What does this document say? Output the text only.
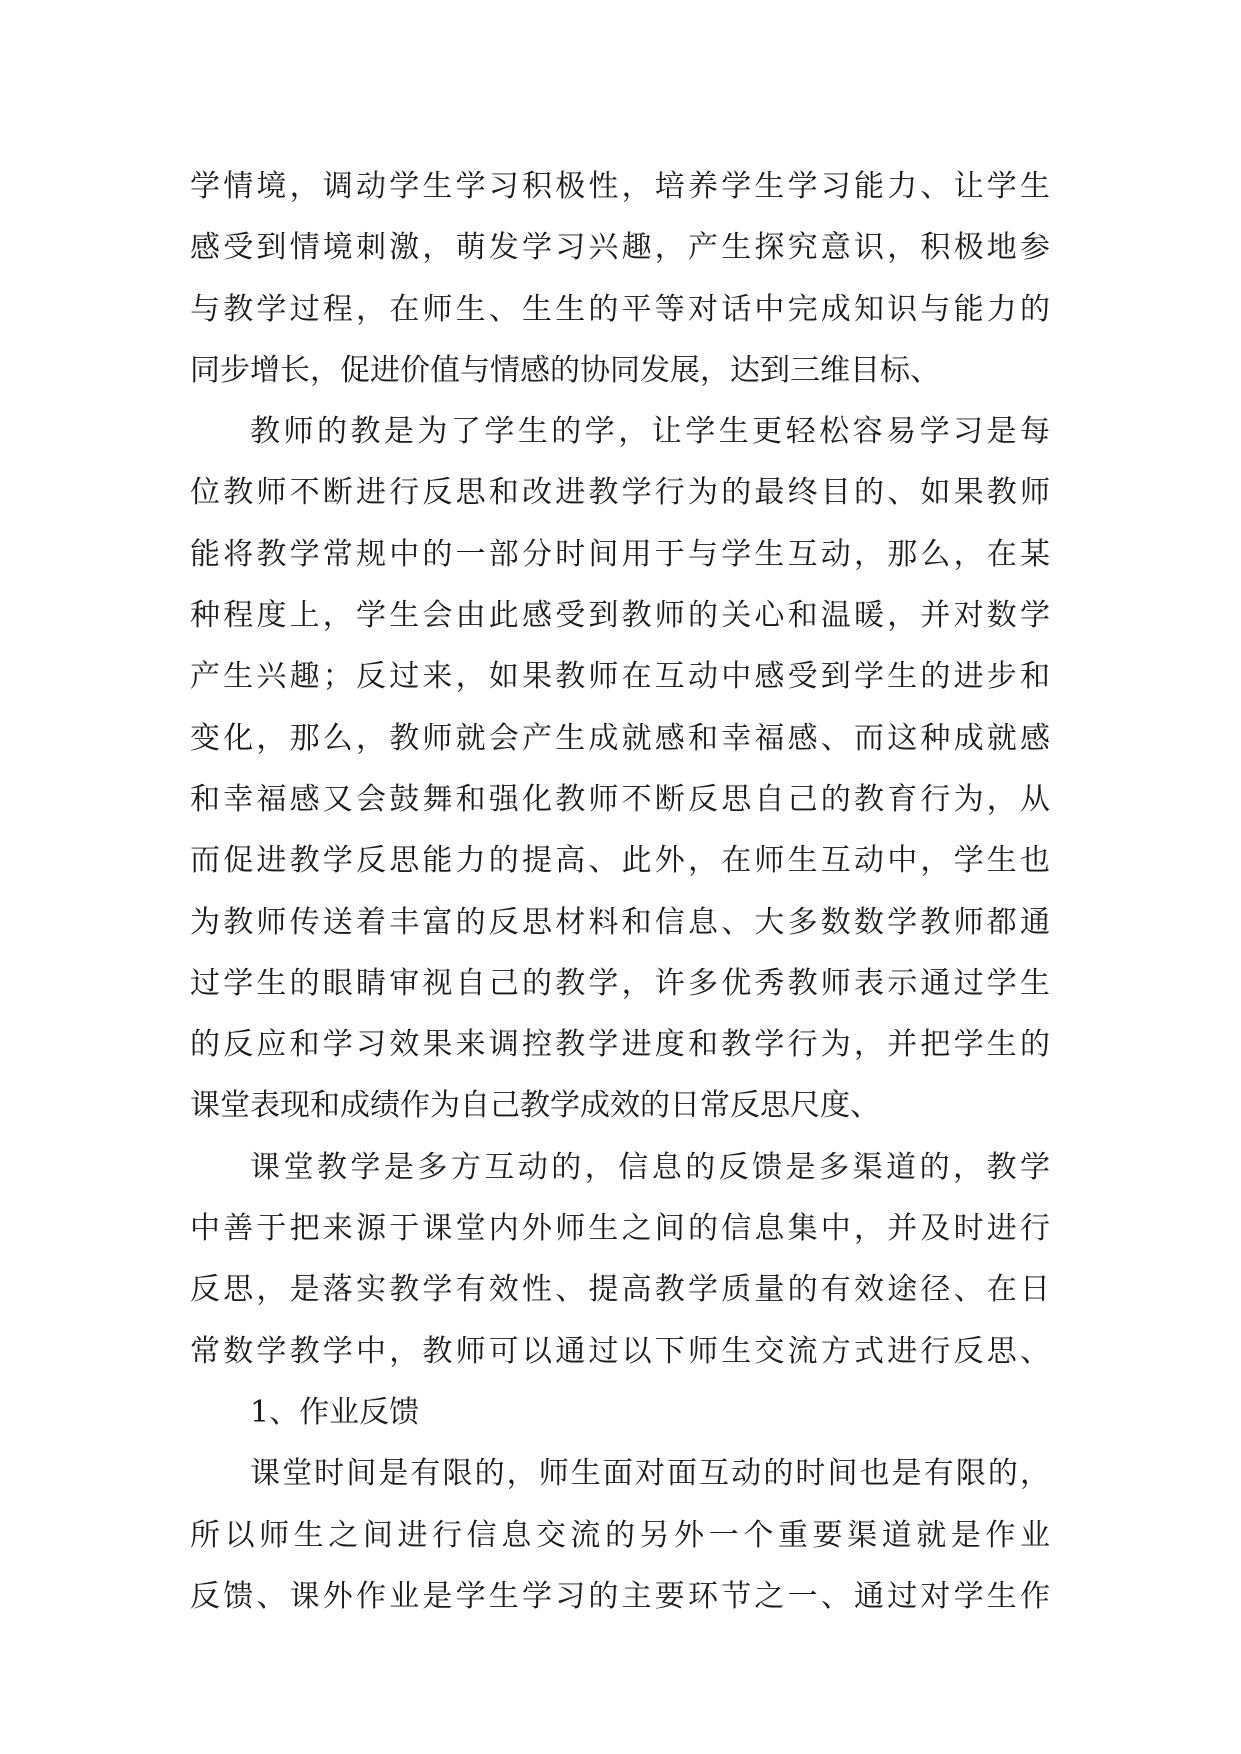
学情境，调动学生学习积极性，培养学生学习能力、让学生
感受到情境刺激，萌发学习兴趣，产生探究意识，积极地参
与教学过程，在师生、生生的平等对话中完成知识与能力的
同步增长，促进价值与情感的协同发展，达到三维目标、
教师的教是为了学生的学，让学生更轻松容易学习是每
位教师不断进行反思和改进教学行为的最终目的、如果教师
能将教学常规中的一部分时间用于与学生互动，那么，在某
种程度上，学生会由此感受到教师的关心和温暖，并对数学
产生兴趣；反过来，如果教师在互动中感受到学生的进步和
变化，那么，教师就会产生成就感和幸福感、而这种成就感
和幸福感又会鼓舞和强化教师不断反思自己的教育行为，从
而促进教学反思能力的提高、此外，在师生互动中，学生也
为教师传送着丰富的反思材料和信息、大多数数学教师都通
过学生的眼睛审视自己的教学，许多优秀教师表示通过学生
的反应和学习效果来调控教学进度和教学行为，并把学生的
课堂表现和成绩作为自己教学成效的日常反思尺度、
课堂教学是多方互动的，信息的反馈是多渠道的，教学
中善于把来源于课堂内外师生之间的信息集中，并及时进行
反思，是落实教学有效性、提高教学质量的有效途径、在日
常数学教学中，教师可以通过以下师生交流方式进行反思、
1、作业反馈
课堂时间是有限的，师生面对面互动的时间也是有限的，
所以师生之间进行信息交流的另外一个重要渠道就是作业
反馈、课外作业是学生学习的主要环节之一、通过对学生作
